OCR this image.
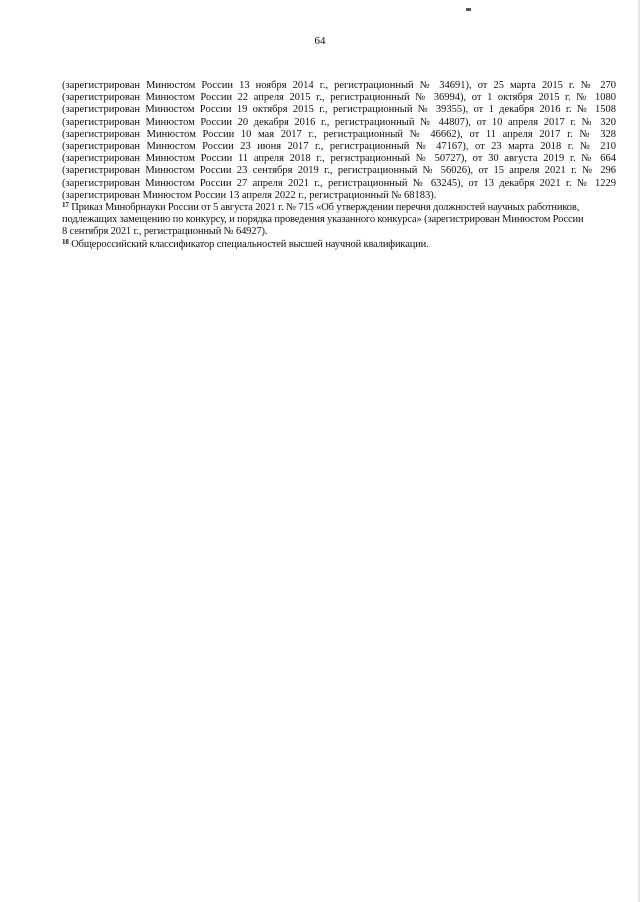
64
(зарегистрирован Минюстом России 13 ноября 2014 г., регистрационный № 34691), от 25 марта 2015 г. № 270
(зарегистрирован Минюстом России 22 апреля 2015 г., регистрационный № 36994), от 1 октября 2015 г. № 1080
(зарегистрирован Минюстом России 19 октября 2015 г., регистрационный № 39355), от 1 декабря 2016 г. № 1508
(зарегистрирован Минюстом России 20 декабря 2016 г., регистрационный № 44807), от 10 апреля 2017 г. № 320
(зарегистрирован Минюстом России 10 мая 2017 г., регистрационный № 46662), от 11 апреля 2017 г. № 328
(зарегистрирован Минюстом России 23 июня 2017 г., регистрационный № 47167), от 23 марта 2018 г. № 210
(зарегистрирован Минюстом России 11 апреля 2018 г., регистрационный № 50727), от 30 августа 2019 г. № 664
(зарегистрирован Минюстом России 23 сентября 2019 г., регистрационный № 56026), от 15 апреля 2021 г. № 296
(зарегистрирован Минюстом России 27 апреля 2021 г., регистрационный № 63245), от 13 декабря 2021 г. № 1229
(зарегистрирован Минюстом России 13 апреля 2022 г., регистрационный № 68183).
$^{17}$ Приказ Минобрнауки России от 5 августа 2021 г. № 715 «Об утверждении перечня должностей научных работников,
подлежащих замещению по конкурсу, и порядка проведения указанного конкурса» (зарегистрирован Минюстом России
8 сентября 2021 г., регистрационный № 64927).
$^{18}$ Общероссийский классификатор специальностей высшей научной квалификации.
